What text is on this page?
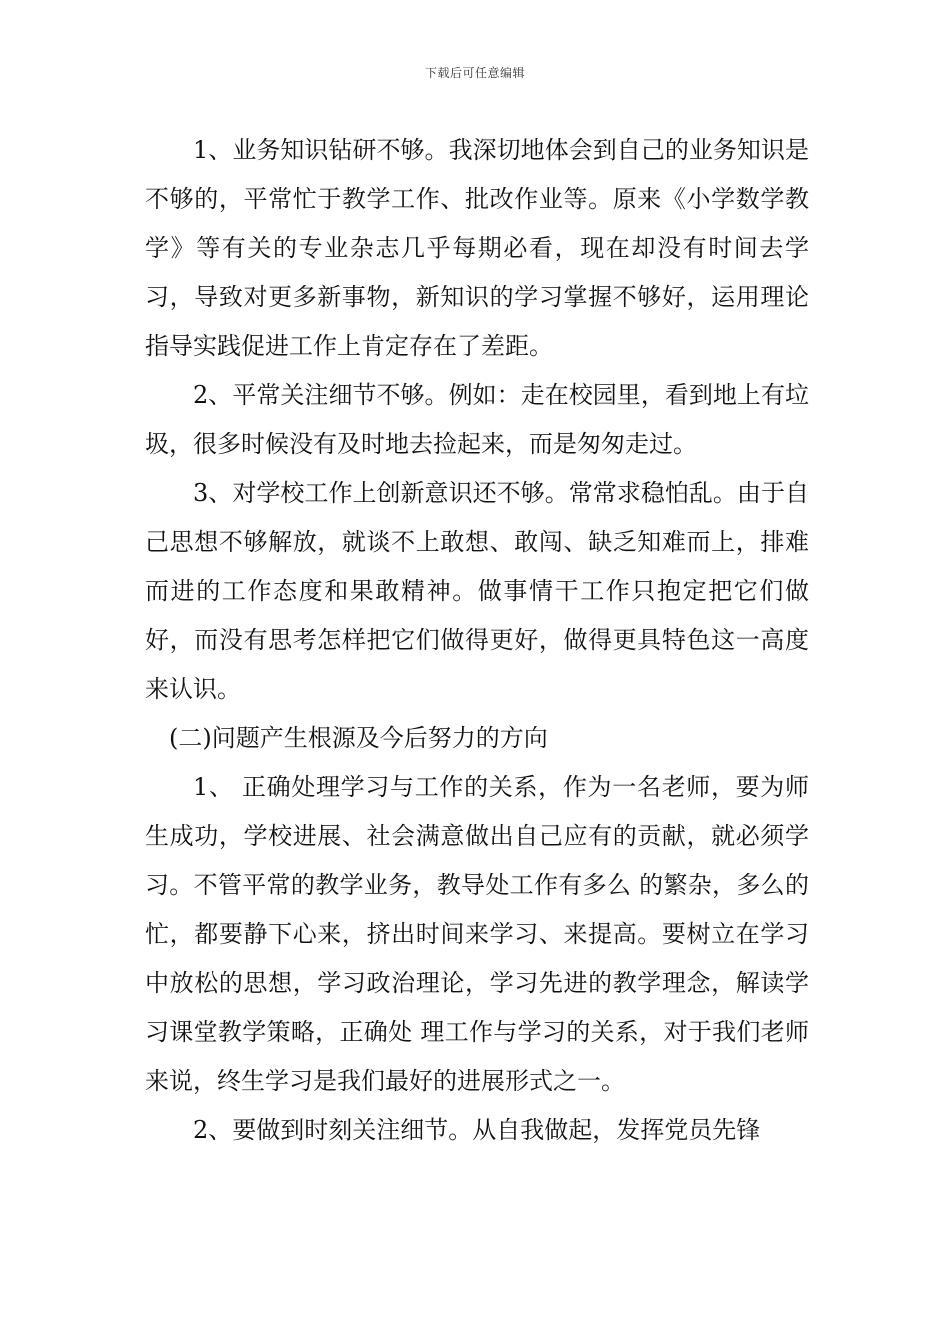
下载后可任意编辑

1、业务知识钻研不够。我深切地体会到自己的业务知识是不够的，平常忙于教学工作、批改作业等。原来《小学数学教学》等有关的专业杂志几乎每期必看，现在却没有时间去学习，导致对更多新事物，新知识的学习掌握不够好，运用理论指导实践促进工作上肯定存在了差距。

2、平常关注细节不够。例如：走在校园里，看到地上有垃圾，很多时候没有及时地去捡起来，而是匆匆走过。

3、对学校工作上创新意识还不够。常常求稳怕乱。由于自己思想不够解放，就谈不上敢想、敢闯、缺乏知难而上，排难而进的工作态度和果敢精神。做事情干工作只抱定把它们做好，而没有思考怎样把它们做得更好，做得更具特色这一高度来认识。

(二)问题产生根源及今后努力的方向

1、 正确处理学习与工作的关系，作为一名老师，要为师生成功，学校进展、社会满意做出自己应有的贡献，就必须学习。不管平常的教学业务，教导处工作有多么 的繁杂，多么的忙，都要静下心来，挤出时间来学习、来提高。要树立在学习中放松的思想，学习政治理论，学习先进的教学理念，解读学习课堂教学策略，正确处 理工作与学习的关系，对于我们老师来说，终生学习是我们最好的进展形式之一。

2、要做到时刻关注细节。从自我做起，发挥党员先锋
